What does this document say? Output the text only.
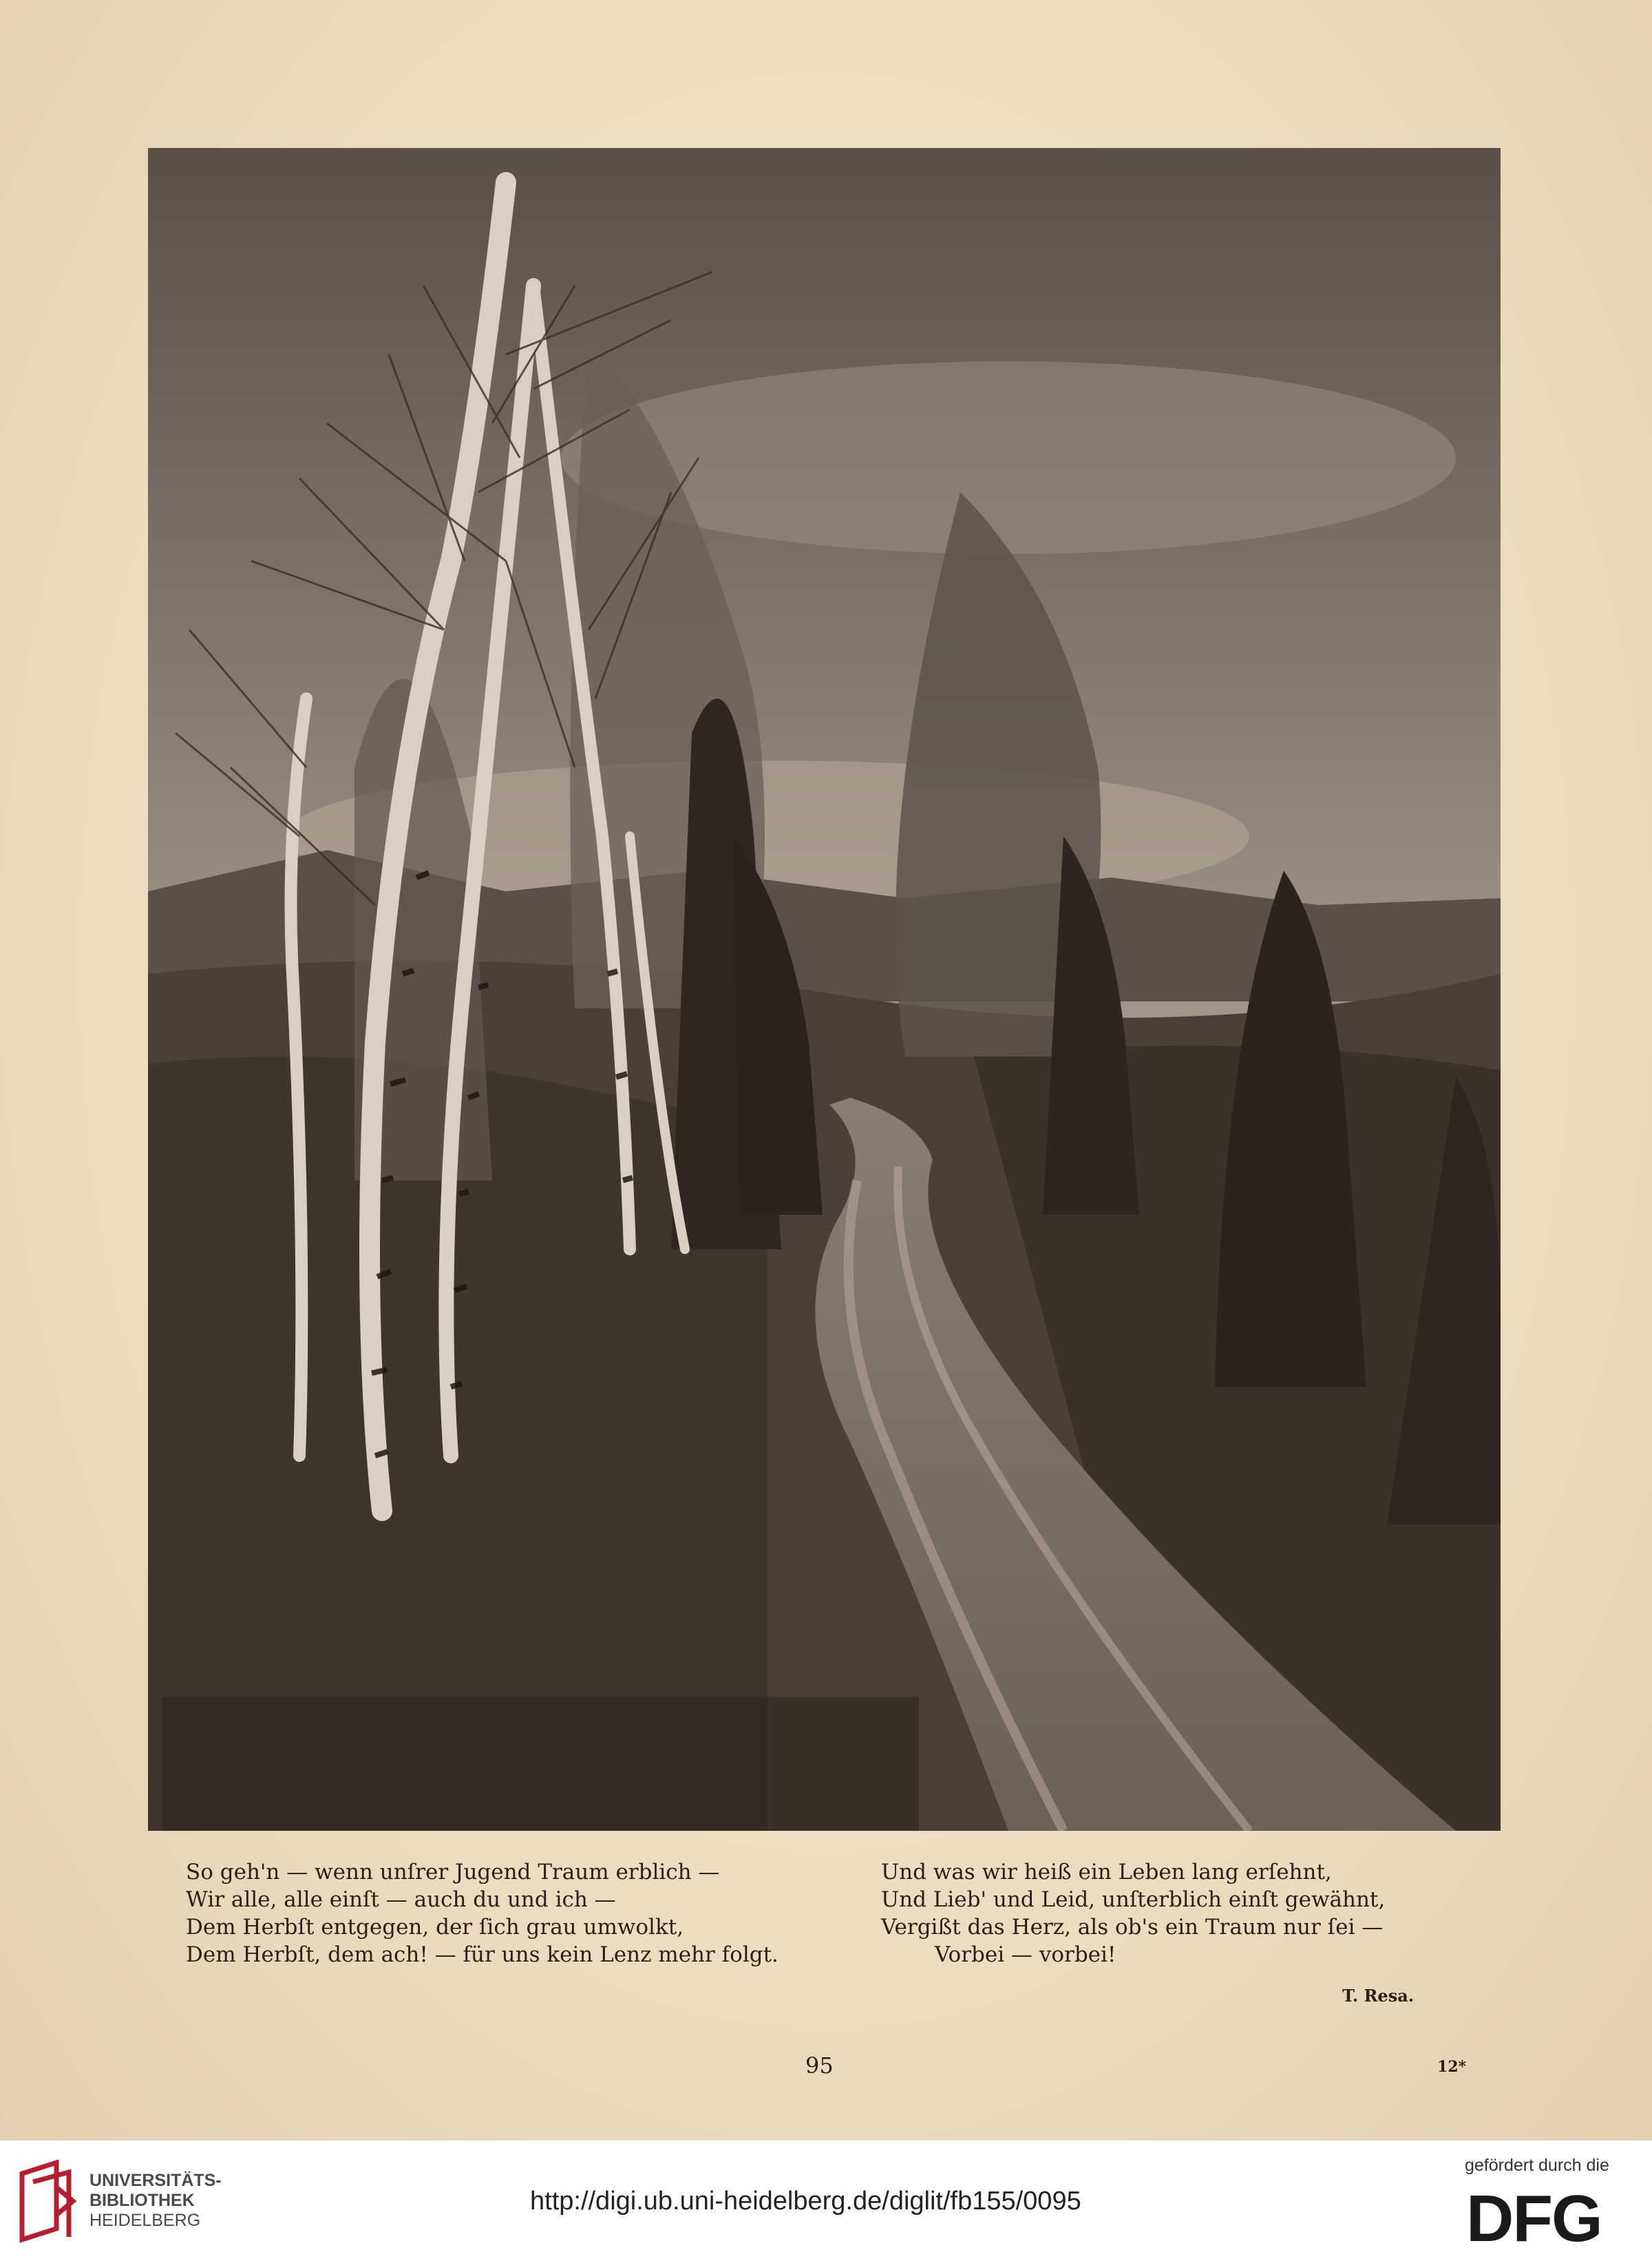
So geh'n — wenn unſrer Jugend Traum erblich —
Wir alle, alle einſt — auch du und ich —
Dem Herbſt entgegen, der ſich grau umwolkt,
Dem Herbſt, dem ach! — für uns kein Lenz mehr folgt.
Und was wir heiß ein Leben lang erſehnt,
Und Lieb' und Leid, unſterblich einſt gewähnt,
Vergißt das Herz, als ob's ein Traum nur ſei —
Vorbei — vorbei!
T. Resa.
95	12*
UNIVERSITÄTS-
BIBLIOTHEK
HEIDELBERG
http://digi.ub.uni-heidelberg.de/diglit/fb155/0095
gefördert durch die
DFG
